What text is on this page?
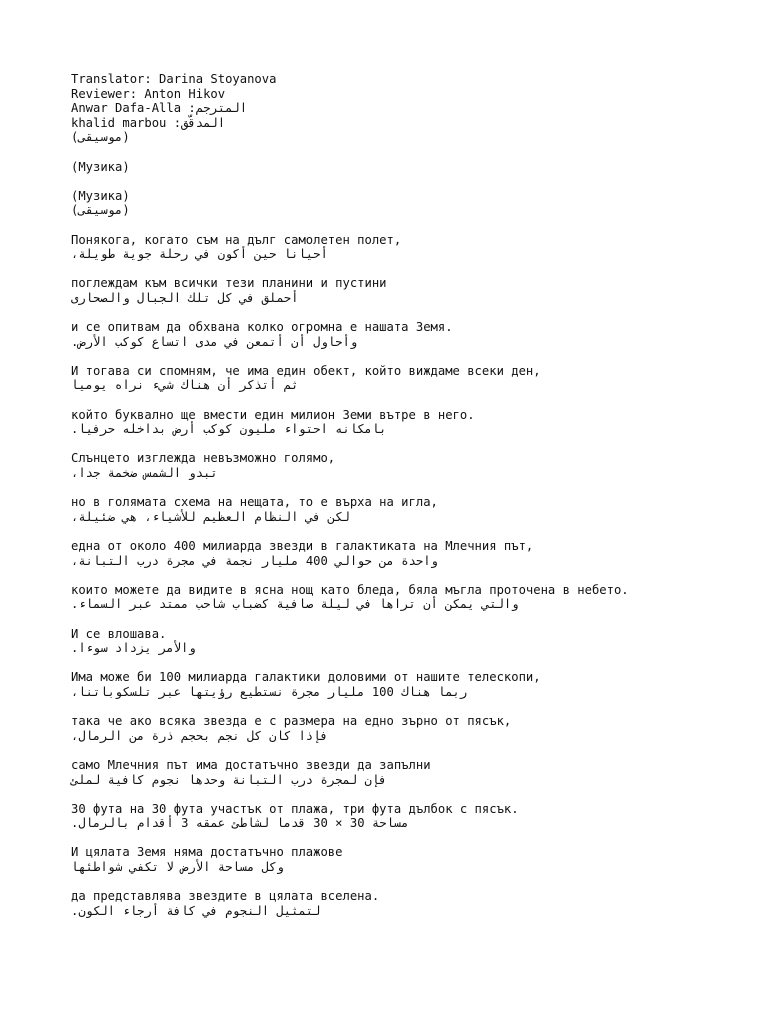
Translator: Darina Stoyanova
Reviewer: Anton Hikov
المترجم: Anwar Dafa-Alla
المدقّق: khalid marbou
(موسيقى)
(Музика)
(Музика)
(موسيقى)
Понякога, когато съм на дълг самолетен полет,
أحيانا حين أكون في رحلة جوية طويلة،
поглеждам към всички тези планини и пустини
أحملق في كل تلك الجبال والصحارى
и се опитвам да обхвана колко огромна е нашата Земя.
وأحاول أن أتمعن في مدى اتساع كوكب الأرض.
И тогава си спомням, че има един обект, който виждаме всеки ден,
ثم أتذكر أن هناك شيء نراه يوميا
който буквално ще вмести един милион Земи вътре в него.
بامكانه احتواء مليون كوكب أرض بداخله حرفيا.
Слънцето изглежда невъзможно голямо,
تبدو الشمس ضخمة جدا،
но в голямата схема на нещата, то е върха на игла,
لكن في النظام العظيم للأشياء، هي ضئيلة،
една от около 400 милиарда звезди в галактиката на Млечния път,
واحدة من حوالي 400 مليار نجمة في مجرة درب التبانة،
които можете да видите в ясна нощ като бледа, бяла мъгла проточена в небето.
والتي يمكن أن تراها في ليلة صافية كضباب شاحب ممتد عبر السماء.
И се влошава.
والأمر يزداد سوءا.
Има може би 100 милиарда галактики доловими от нашите телескопи,
ربما هناك 100 مليار مجرة نستطيع رؤيتها عبر تلسكوباتنا،
така че ако всяка звезда е с размера на едно зърно от пясък,
فإذا كان كل نجم بحجم ذرة من الرمال،
само Млечния път има достатъчно звезди да запълни
فإن لمجرة درب التبانة وحدها نجوم كافية لملئ
30 фута на 30 фута участък от плажа, три фута дълбок с пясък.
مساحة 30 × 30 قدما لشاطئ عمقه 3 أقدام بالرمال.
И цялата Земя няма достатъчно плажове
وكل مساحة الأرض لا تكفي شواطئها
да представлява звездите в цялата вселена.
لتمثيل النجوم في كافة أرجاء الكون.
